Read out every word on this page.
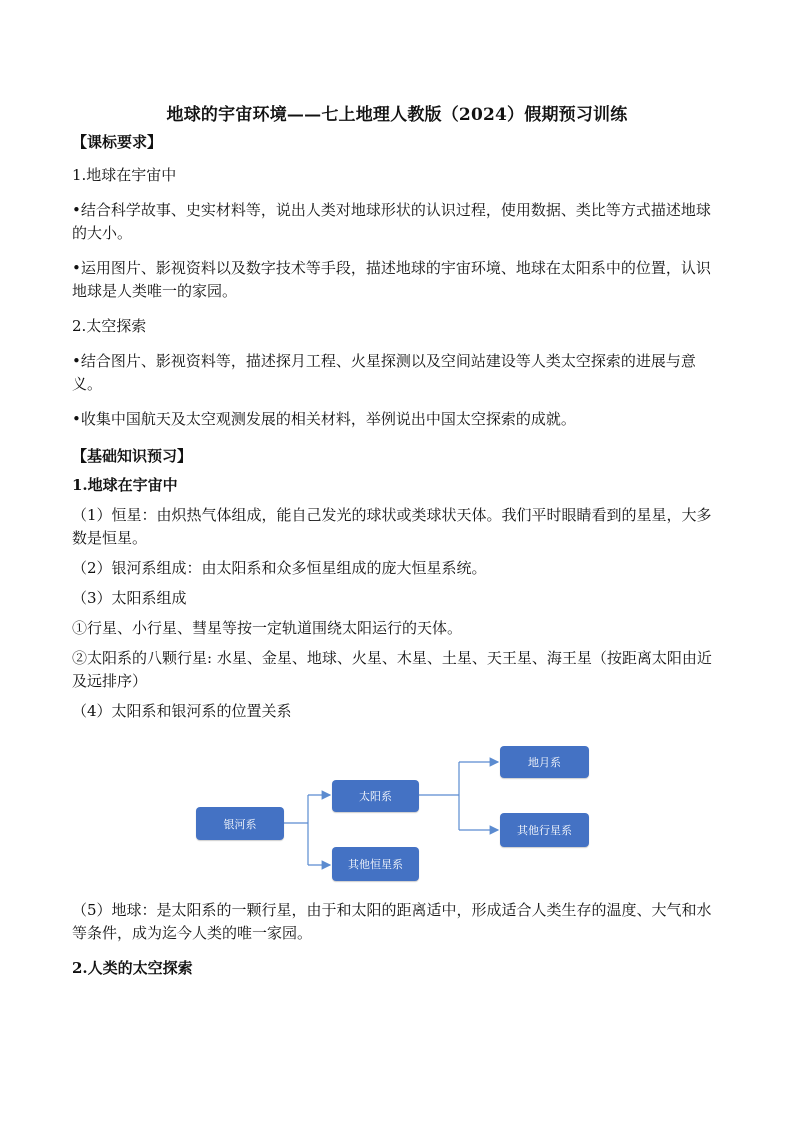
地球的宇宙环境——七上地理人教版（2024）假期预习训练
【课标要求】

1.地球在宇宙中

•结合科学故事、史实材料等，说出人类对地球形状的认识过程，使用数据、类比等方式描述地球的大小。

•运用图片、影视资料以及数字技术等手段，描述地球的宇宙环境、地球在太阳系中的位置，认识地球是人类唯一的家园。

2.太空探索

•结合图片、影视资料等，描述探月工程、火星探测以及空间站建设等人类太空探索的进展与意义。

•收集中国航天及太空观测发展的相关材料，举例说出中国太空探索的成就。

【基础知识预习】

1.地球在宇宙中

（1）恒星：由炽热气体组成，能自己发光的球状或类球状天体。我们平时眼睛看到的星星，大多数是恒星。

（2）银河系组成：由太阳系和众多恒星组成的庞大恒星系统。

（3）太阳系组成

①行星、小行星、彗星等按一定轨道围绕太阳运行的天体。

②太阳系的八颗行星: 水星、金星、地球、火星、木星、土星、天王星、海王星（按距离太阳由近及远排序）

（4）太阳系和银河系的位置关系

银河系
太阳系
其他恒星系
地月系
其他行星系

（5）地球：是太阳系的一颗行星，由于和太阳的距离适中，形成适合人类生存的温度、大气和水等条件，成为迄今人类的唯一家园。

2.人类的太空探索
